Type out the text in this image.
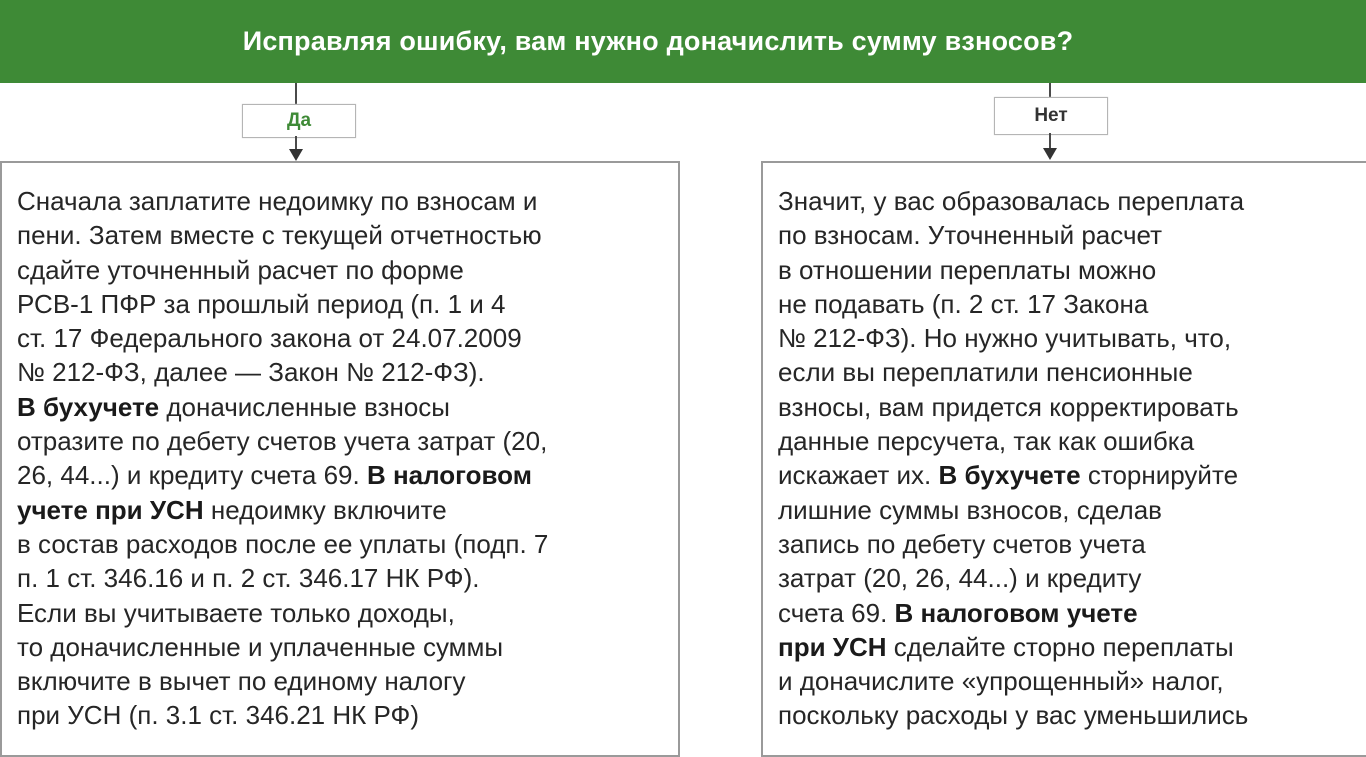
Исправляя ошибку, вам нужно доначислить сумму взносов?
Да	Нет
Сначала заплатите недоимку по взносам и
пени. Затем вместе с текущей отчетностью
сдайте уточненный расчет по форме
РСВ-1 ПФР за прошлый период (п. 1 и 4
ст. 17 Федерального закона от 24.07.2009
№ 212-ФЗ, далее — Закон № 212-ФЗ).
В бухучете доначисленные взносы
отразите по дебету счетов учета затрат (20,
26, 44...) и кредиту счета 69. В налоговом
учете при УСН недоимку включите
в состав расходов после ее уплаты (подп. 7
п. 1 ст. 346.16 и п. 2 ст. 346.17 НК РФ).
Если вы учитываете только доходы,
то доначисленные и уплаченные суммы
включите в вычет по единому налогу
при УСН (п. 3.1 ст. 346.21 НК РФ)
Значит, у вас образовалась переплата
по взносам. Уточненный расчет
в отношении переплаты можно
не подавать (п. 2 ст. 17 Закона
№ 212-ФЗ). Но нужно учитывать, что,
если вы переплатили пенсионные
взносы, вам придется корректировать
данные персучета, так как ошибка
искажает их. В бухучете сторнируйте
лишние суммы взносов, сделав
запись по дебету счетов учета
затрат (20, 26, 44...) и кредиту
счета 69. В налоговом учете
при УСН сделайте сторно переплаты
и доначислите «упрощенный» налог,
поскольку расходы у вас уменьшились
